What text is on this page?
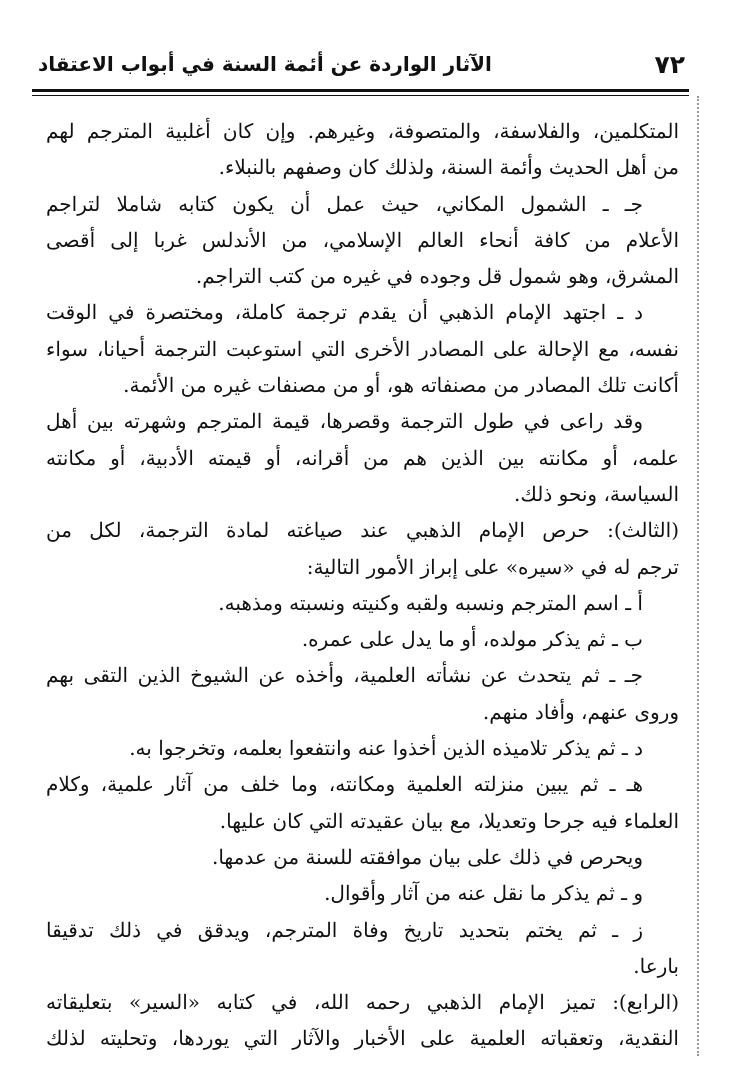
٧٢
الآثار الواردة عن أئمة السنة في أبواب الاعتقاد
المتكلمين، والفلاسفة، والمتصوفة، وغيرهم. وإن كان أغلبية المترجم لهم
من أهل الحديث وأئمة السنة، ولذلك كان وصفهم بالنبلاء.
جـ ـ الشمول المكاني، حيث عمل أن يكون كتابه شاملا لتراجم
الأعلام من كافة أنحاء العالم الإسلامي، من الأندلس غربا إلى أقصى
المشرق، وهو شمول قل وجوده في غيره من كتب التراجم.
د ـ اجتهد الإمام الذهبي أن يقدم ترجمة كاملة، ومختصرة في الوقت
نفسه، مع الإحالة على المصادر الأخرى التي استوعبت الترجمة أحيانا، سواء
أكانت تلك المصادر من مصنفاته هو، أو من مصنفات غيره من الأئمة.
وقد راعى في طول الترجمة وقصرها، قيمة المترجم وشهرته بين أهل
علمه، أو مكانته بين الذين هم من أقرانه، أو قيمته الأدبية، أو مكانته
السياسة، ونحو ذلك.
(الثالث): حرص الإمام الذهبي عند صياغته لمادة الترجمة، لكل من
ترجم له في «سيره» على إبراز الأمور التالية:
أ ـ اسم المترجم ونسبه ولقبه وكنيته ونسبته ومذهبه.
ب ـ ثم يذكر مولده، أو ما يدل على عمره.
جـ ـ ثم يتحدث عن نشأته العلمية، وأخذه عن الشيوخ الذين التقى بهم
وروى عنهم، وأفاد منهم.
د ـ ثم يذكر تلاميذه الذين أخذوا عنه وانتفعوا بعلمه، وتخرجوا به.
هـ ـ ثم يبين منزلته العلمية ومكانته، وما خلف من آثار علمية، وكلام
العلماء فيه جرحا وتعديلا، مع بيان عقيدته التي كان عليها.
ويحرص في ذلك على بيان موافقته للسنة من عدمها.
و ـ ثم يذكر ما نقل عنه من آثار وأقوال.
ز ـ ثم يختم بتحديد تاريخ وفاة المترجم، ويدقق في ذلك تدقيقا
بارعا.
(الرابع): تميز الإمام الذهبي رحمه الله، في كتابه «السير» بتعليقاته
النقدية، وتعقباته العلمية على الأخبار والآثار التي يوردها، وتحليته لذلك
